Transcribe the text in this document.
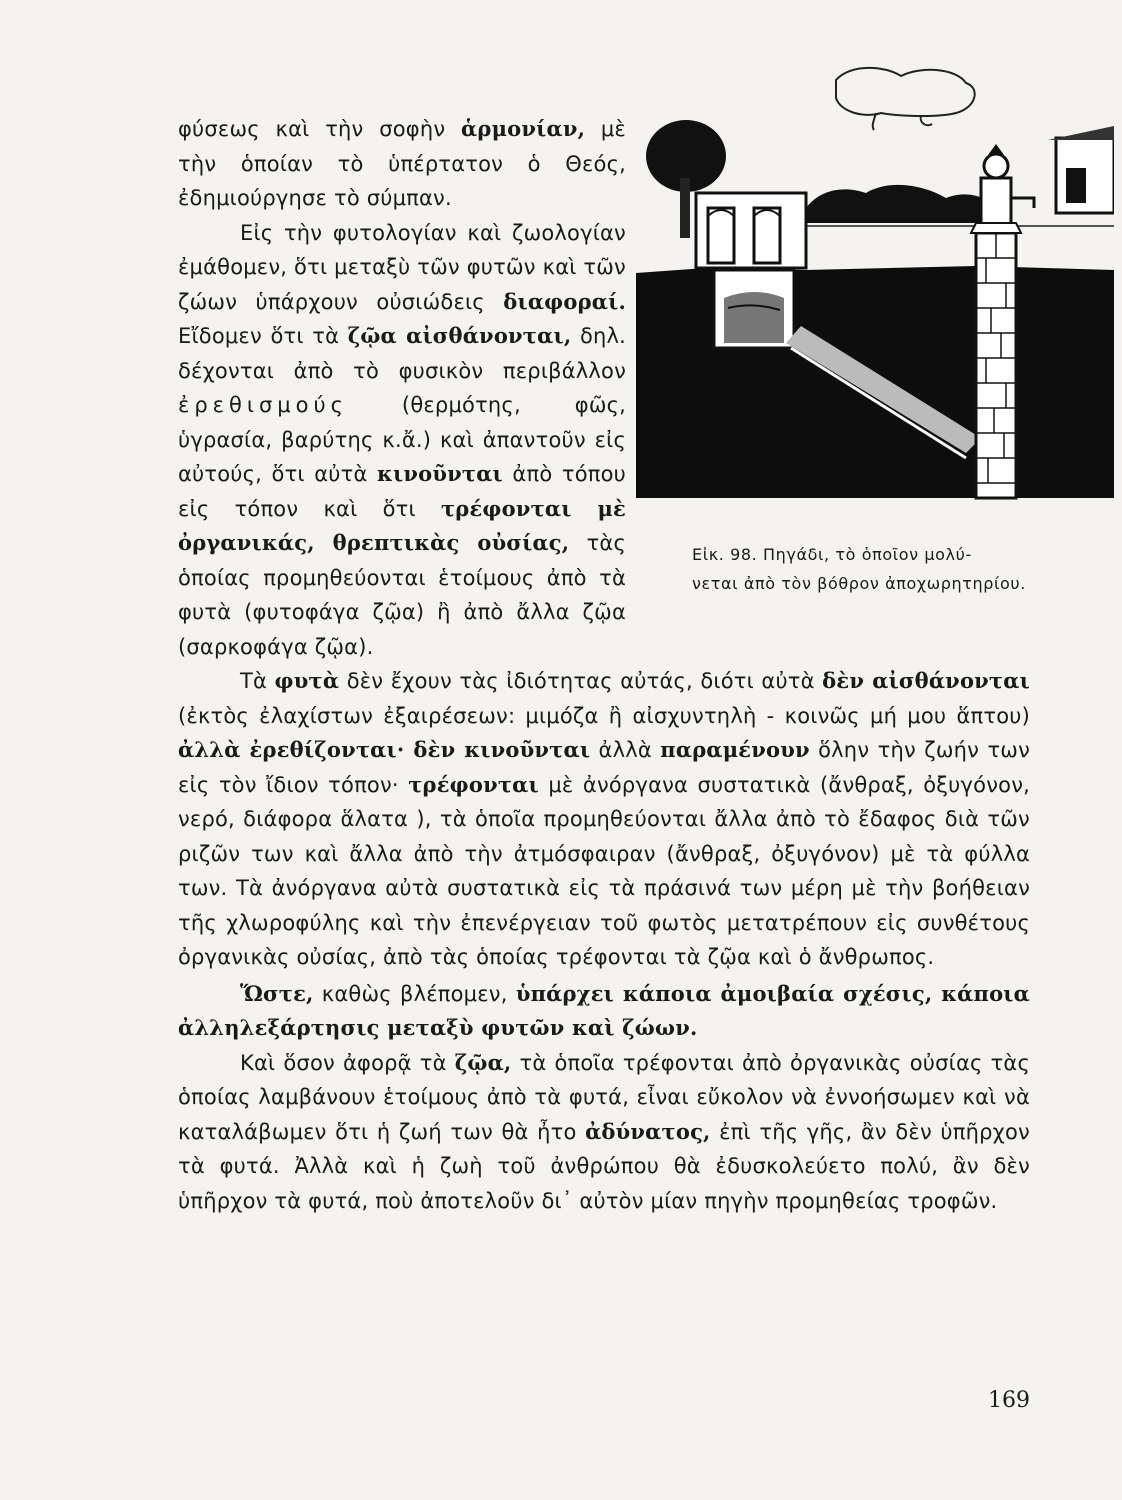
φύσεως καὶ τὴν σοφὴν ἁρμονίαν, μὲ τὴν ὁποίαν τὸ ὑπέρτατον ὁ Θεός, ἐδημιούργησε τὸ σύμπαν.

Εἰς τὴν φυτολογίαν καὶ ζωολογίαν ἐμάθομεν, ὅτι μεταξὺ τῶν φυτῶν καὶ τῶν ζώων ὑπάρχουν οὐσιώδεις διαφοραί. Εἴδομεν ὅτι τὰ ζῷα αἰσθάνονται, δηλ. δέχονται ἀπὸ τὸ φυσικὸν περιβάλλον ἐρεθισμούς (θερμότης, φῶς, ὑγρασία, βαρύτης κ.ἄ.) καὶ ἀπαντοῦν εἰς αὐτούς, ὅτι αὐτὰ κινοῦνται ἀπὸ τόπου εἰς τόπον καὶ ὅτι τρέφονται μὲ ὀργανικάς, θρεπτικὰς οὐσίας, τὰς ὁποίας προμηθεύονται ἑτοίμους ἀπὸ τὰ φυτὰ (φυτοφάγα ζῷα) ἢ ἀπὸ ἄλλα ζῷα (σαρκοφάγα ζῷα).

Εἰκ. 98. Πηγάδι, τὸ ὁποῖον μολύ-
νεται ἀπὸ τὸν βόθρον ἀποχωρητηρίου.

Τὰ φυτὰ δὲν ἔχουν τὰς ἰδιότητας αὐτάς, διότι αὐτὰ δὲν αἰσθάνονται (ἐκτὸς ἐλαχίστων ἐξαιρέσεων: μιμόζα ἢ αἰσχυντηλὴ - κοινῶς μή μου ἅπτου) ἀλλὰ ἐρεθίζονται· δὲν κινοῦνται ἀλλὰ παραμένουν ὅλην τὴν ζωήν των εἰς τὸν ἴδιον τόπον· τρέφονται μὲ ἀνόργανα συστατικὰ (ἄνθραξ, ὀξυγόνον, νερό, διάφορα ἅλατα ), τὰ ὁποῖα προμηθεύονται ἄλλα ἀπὸ τὸ ἔδαφος διὰ τῶν ριζῶν των καὶ ἄλλα ἀπὸ τὴν ἀτμόσφαιραν (ἄνθραξ, ὀξυγόνον) μὲ τὰ φύλλα των. Τὰ ἀνόργανα αὐτὰ συστατικὰ εἰς τὰ πράσινά των μέρη μὲ τὴν βοήθειαν τῆς χλωροφύλης καὶ τὴν ἐπενέργειαν τοῦ φωτὸς μετατρέπουν εἰς συνθέτους ὀργανικὰς οὐσίας, ἀπὸ τὰς ὁποίας τρέφονται τὰ ζῷα καὶ ὁ ἄνθρωπος.

Ὥστε, καθὼς βλέπομεν, ὑπάρχει κάποια ἀμοιβαία σχέσις, κάποια ἀλληλεξάρτησις μεταξὺ φυτῶν καὶ ζώων.

Καὶ ὅσον ἀφορᾷ τὰ ζῷα, τὰ ὁποῖα τρέφονται ἀπὸ ὀργανικὰς οὐσίας τὰς ὁποίας λαμβάνουν ἑτοίμους ἀπὸ τὰ φυτά, εἶναι εὔκολον νὰ ἐννοήσωμεν καὶ νὰ καταλάβωμεν ὅτι ἡ ζωή των θὰ ἦτο ἀδύνατος, ἐπὶ τῆς γῆς, ἂν δὲν ὑπῆρχον τὰ φυτά. Ἀλλὰ καὶ ἡ ζωὴ τοῦ ἀνθρώπου θὰ ἐδυσκολεύετο πολύ, ἂν δὲν ὑπῆρχον τὰ φυτά, ποὺ ἀποτελοῦν δι᾽ αὐτὸν μίαν πηγὴν προμηθείας τροφῶν.

169
